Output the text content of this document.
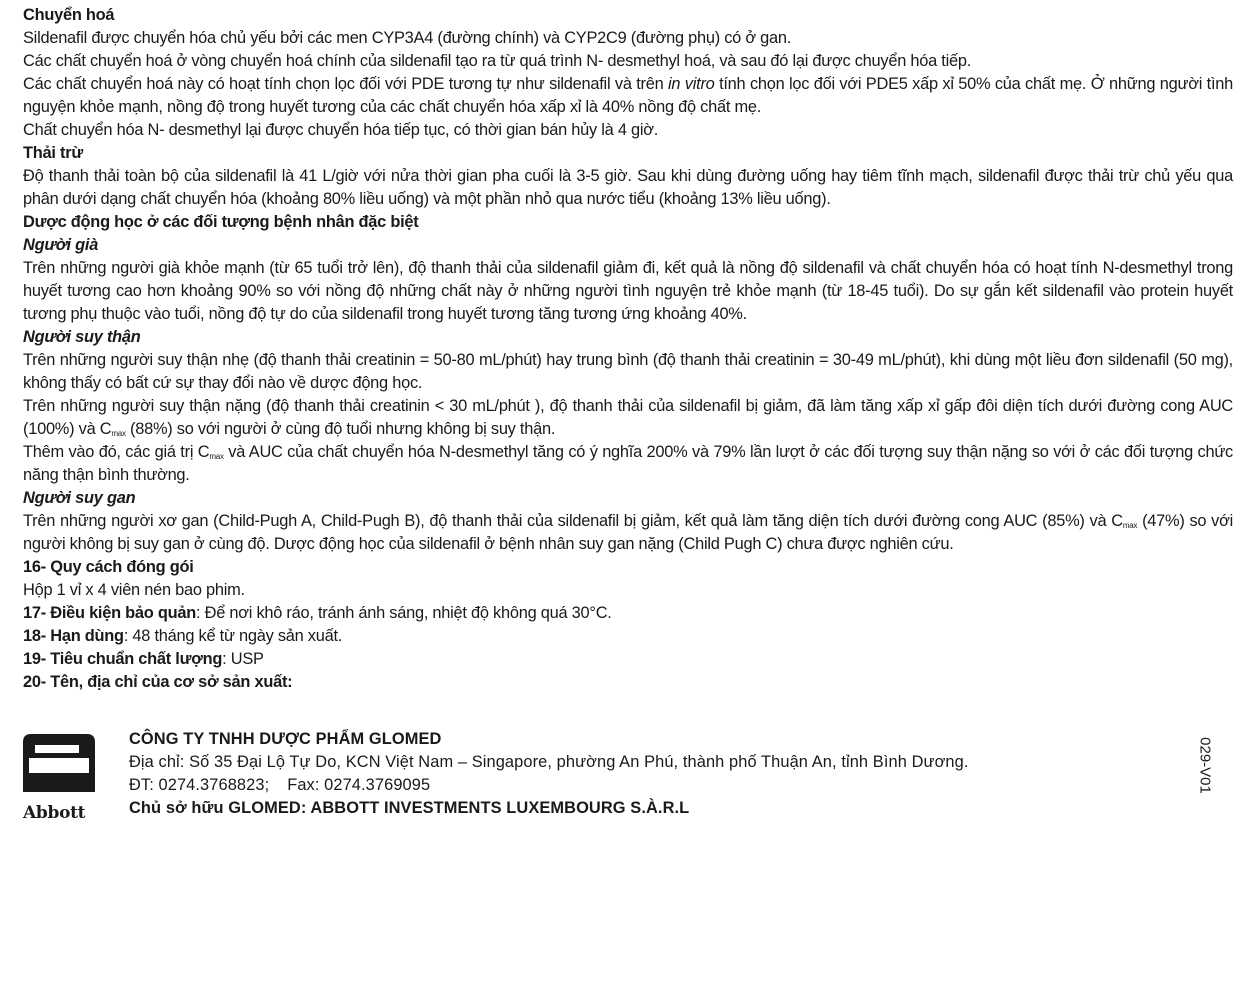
Chuyển hoá

Sildenafil được chuyển hóa chủ yếu bởi các men CYP3A4 (đường chính) và CYP2C9 (đường phụ) có ở gan.

Các chất chuyển hoá ở vòng chuyển hoá chính của sildenafil tạo ra từ quá trình N- desmethyl hoá, và sau đó lại được chuyển hóa tiếp.

Các chất chuyển hoá này có hoạt tính chọn lọc đối với PDE tương tự như sildenafil và trên in vitro tính chọn lọc đối với PDE5 xấp xỉ 50% của chất mẹ. Ở những người tình nguyện khỏe mạnh, nồng độ trong huyết tương của các chất chuyển hóa xấp xỉ là 40% nồng độ chất mẹ.

Chất chuyển hóa N- desmethyl lại được chuyển hóa tiếp tục, có thời gian bán hủy là 4 giờ.

Thải trừ

Độ thanh thải toàn bộ của sildenafil là 41 L/giờ với nửa thời gian pha cuối là 3-5 giờ. Sau khi dùng đường uống hay tiêm tĩnh mạch, sildenafil được thải trừ chủ yếu qua phân dưới dạng chất chuyển hóa (khoảng 80% liều uống) và một phần nhỏ qua nước tiểu (khoảng 13% liều uống).

Dược động học ở các đối tượng bệnh nhân đặc biệt

Người già

Trên những người già khỏe mạnh (từ 65 tuổi trở lên), độ thanh thải của sildenafil giảm đi, kết quả là nồng độ sildenafil và chất chuyển hóa có hoạt tính N-desmethyl trong huyết tương cao hơn khoảng 90% so với nồng độ những chất này ở những người tình nguyện trẻ khỏe mạnh (từ 18-45 tuổi). Do sự gắn kết sildenafil vào protein huyết tương phụ thuộc vào tuổi, nồng độ tự do của sildenafil trong huyết tương tăng tương ứng khoảng 40%.

Người suy thận

Trên những người suy thận nhẹ (độ thanh thải creatinin = 50-80 mL/phút) hay trung bình (độ thanh thải creatinin = 30-49 mL/phút), khi dùng một liều đơn sildenafil (50 mg), không thấy có bất cứ sự thay đổi nào về dược động học.

Trên những người suy thận nặng (độ thanh thải creatinin < 30 mL/phút ), độ thanh thải của sildenafil bị giảm, đã làm tăng xấp xỉ gấp đôi diện tích dưới đường cong AUC (100%) và $C_{max}$ (88%) so với người ở cùng độ tuổi nhưng không bị suy thận.

Thêm vào đó, các giá trị $C_{max}$ và AUC của chất chuyển hóa N-desmethyl tăng có ý nghĩa 200% và 79% lần lượt ở các đối tượng suy thận nặng so với ở các đối tượng chức năng thận bình thường.

Người suy gan

Trên những người xơ gan (Child-Pugh A, Child-Pugh B), độ thanh thải của sildenafil bị giảm, kết quả làm tăng diện tích dưới đường cong AUC (85%) và $C_{max}$ (47%) so với người không bị suy gan ở cùng độ. Dược động học của sildenafil ở bệnh nhân suy gan nặng (Child Pugh C) chưa được nghiên cứu.

16- Quy cách đóng gói

Hộp 1 vỉ x 4 viên nén bao phim.

17- Điều kiện bảo quản: Để nơi khô ráo, tránh ánh sáng, nhiệt độ không quá 30°C.

18- Hạn dùng: 48 tháng kể từ ngày sản xuất.

19- Tiêu chuẩn chất lượng: USP

20- Tên, địa chỉ của cơ sở sản xuất:

Abbott
CÔNG TY TNHH DƯỢC PHẨM GLOMED
Địa chỉ: Số 35 Đại Lộ Tự Do, KCN Việt Nam – Singapore, phường An Phú, thành phố Thuận An, tỉnh Bình Dương.
ĐT: 0274.3768823; Fax: 0274.3769095
Chủ sở hữu GLOMED: ABBOTT INVESTMENTS LUXEMBOURG S.À.R.L
029-V01
